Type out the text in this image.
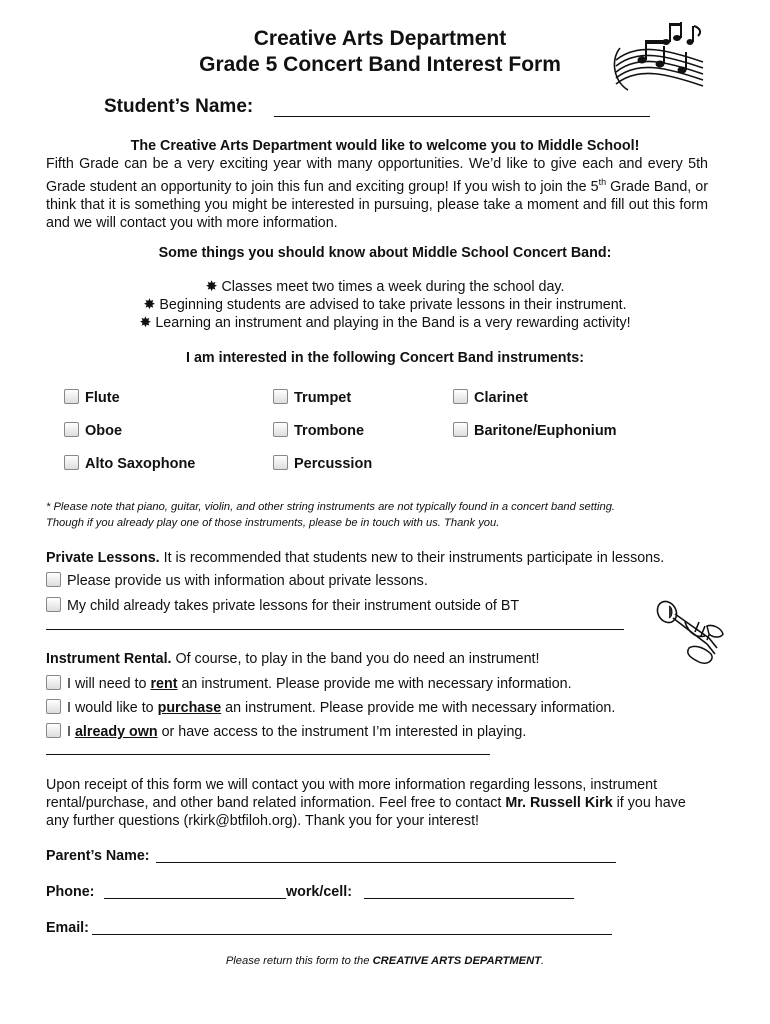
Creative Arts Department
Grade 5 Concert Band Interest Form
Student’s Name:
The Creative Arts Department would like to welcome you to Middle School!
Fifth Grade can be a very exciting year with many opportunities. We’d like to give each and every 5th Grade student an opportunity to join this fun and exciting group! If you wish to join the 5th Grade Band, or think that it is something you might be interested in pursuing, please take a moment and fill out this form and we will contact you with more information.
Some things you should know about Middle School Concert Band:
✸ Classes meet two times a week during the school day.
✸ Beginning students are advised to take private lessons in their instrument.
✸ Learning an instrument and playing in the Band is a very rewarding activity!
I am interested in the following Concert Band instruments:
Flute	Trumpet	Clarinet
Oboe	Trombone	Baritone/Euphonium
Alto Saxophone	Percussion
* Please note that piano, guitar, violin, and other string instruments are not typically found in a concert band setting.
Though if you already play one of those instruments, please be in touch with us. Thank you.
Private Lessons. It is recommended that students new to their instruments participate in lessons.
Please provide us with information about private lessons.
My child already takes private lessons for their instrument outside of BT
Instrument Rental. Of course, to play in the band you do need an instrument!
I will need to rent an instrument. Please provide me with necessary information.
I would like to purchase an instrument. Please provide me with necessary information.
I already own or have access to the instrument I’m interested in playing.
Upon receipt of this form we will contact you with more information regarding lessons, instrument rental/purchase, and other band related information. Feel free to contact Mr. Russell Kirk if you have any further questions (rkirk@btfiloh.org). Thank you for your interest!
Parent’s Name:
Phone:	work/cell:
Email:
Please return this form to the CREATIVE ARTS DEPARTMENT.
